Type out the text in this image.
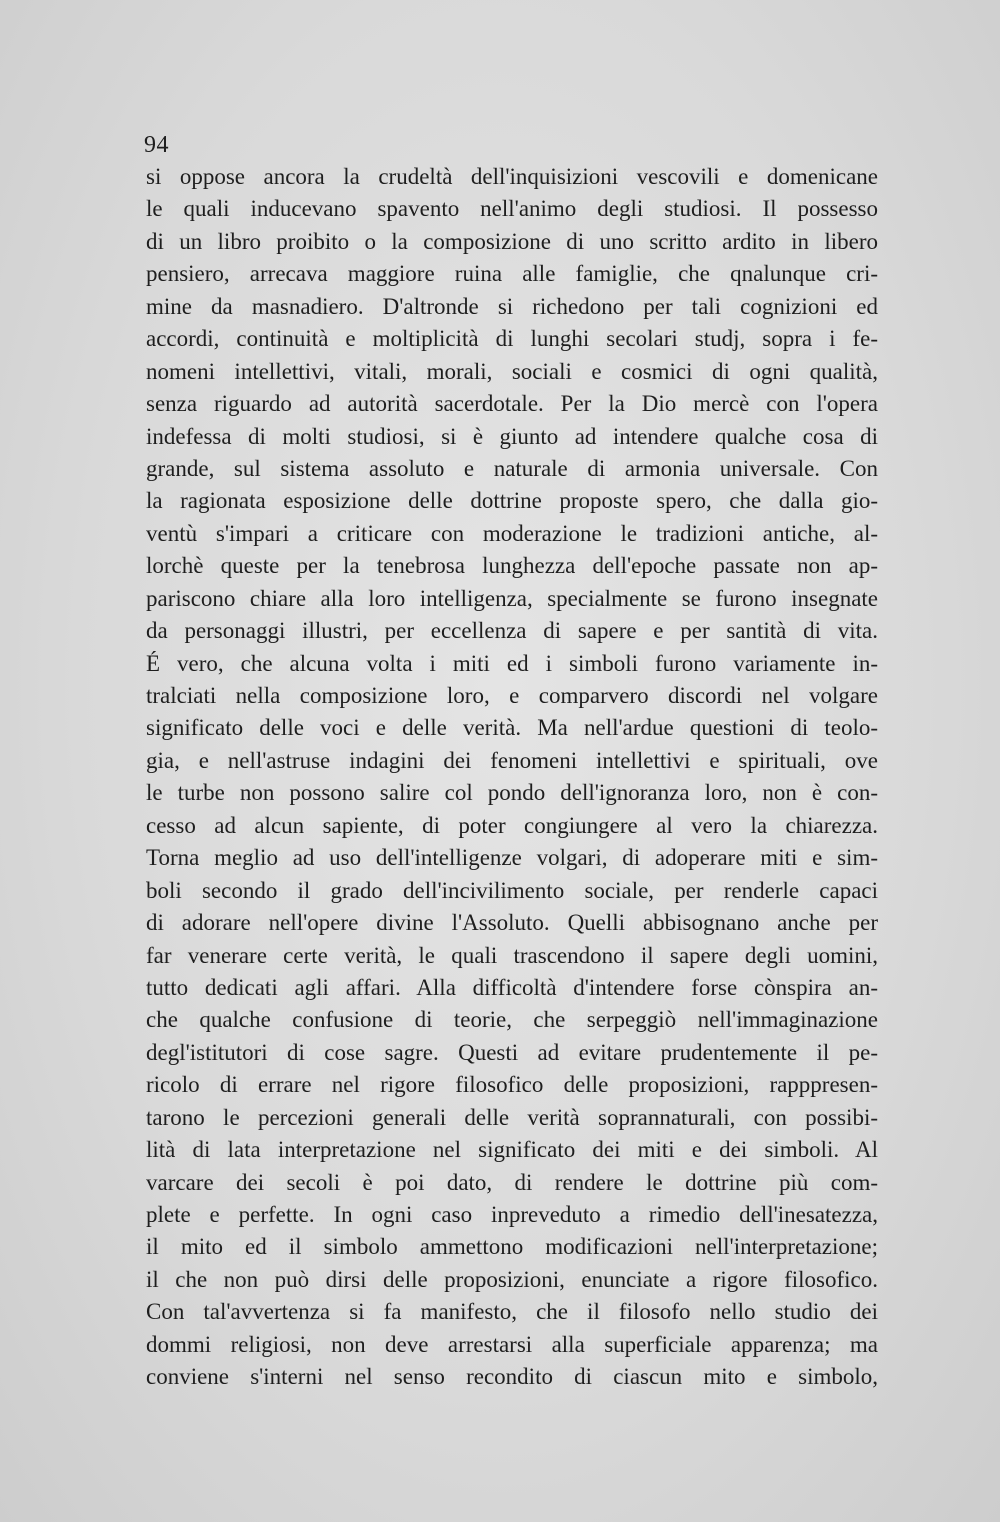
94
si oppose ancora la crudeltà dell'inquisizioni vescovili e domenicane
le quali inducevano spavento nell'animo degli studiosi. Il possesso
di un libro proibito o la composizione di uno scritto ardito in libero
pensiero, arrecava maggiore ruina alle famiglie, che qnalunque cri-
mine da masnadiero. D'altronde si richedono per tali cognizioni ed
accordi, continuità e moltiplicità di lunghi secolari studj, sopra i fe-
nomeni intellettivi, vitali, morali, sociali e cosmici di ogni qualità,
senza riguardo ad autorità sacerdotale. Per la Dio mercè con l'opera
indefessa di molti studiosi, si è giunto ad intendere qualche cosa di
grande, sul sistema assoluto e naturale di armonia universale. Con
la ragionata esposizione delle dottrine proposte spero, che dalla gio-
ventù s'impari a criticare con moderazione le tradizioni antiche, al-
lorchè queste per la tenebrosa lunghezza dell'epoche passate non ap-
pariscono chiare alla loro intelligenza, specialmente se furono insegnate
da personaggi illustri, per eccellenza di sapere e per santità di vita.
É vero, che alcuna volta i miti ed i simboli furono variamente in-
tralciati nella composizione loro, e comparvero discordi nel volgare
significato delle voci e delle verità. Ma nell'ardue questioni di teolo-
gia, e nell'astruse indagini dei fenomeni intellettivi e spirituali, ove
le turbe non possono salire col pondo dell'ignoranza loro, non è con-
cesso ad alcun sapiente, di poter congiungere al vero la chiarezza.
Torna meglio ad uso dell'intelligenze volgari, di adoperare miti e sim-
boli secondo il grado dell'incivilimento sociale, per renderle capaci
di adorare nell'opere divine l'Assoluto. Quelli abbisognano anche per
far venerare certe verità, le quali trascendono il sapere degli uomini,
tutto dedicati agli affari. Alla difficoltà d'intendere forse cònspira an-
che qualche confusione di teorie, che serpeggiò nell'immaginazione
degl'istitutori di cose sagre. Questi ad evitare prudentemente il pe-
ricolo di errare nel rigore filosofico delle proposizioni, rapppresen-
tarono le percezioni generali delle verità soprannaturali, con possibi-
lità di lata interpretazione nel significato dei miti e dei simboli. Al
varcare dei secoli è poi dato, di rendere le dottrine più com-
plete e perfette. In ogni caso inpreveduto a rimedio dell'inesatezza,
il mito ed il simbolo ammettono modificazioni nell'interpretazione;
il che non può dirsi delle proposizioni, enunciate a rigore filosofico.
Con tal'avvertenza si fa manifesto, che il filosofo nello studio dei
dommi religiosi, non deve arrestarsi alla superficiale apparenza; ma
conviene s'interni nel senso recondito di ciascun mito e simbolo,
